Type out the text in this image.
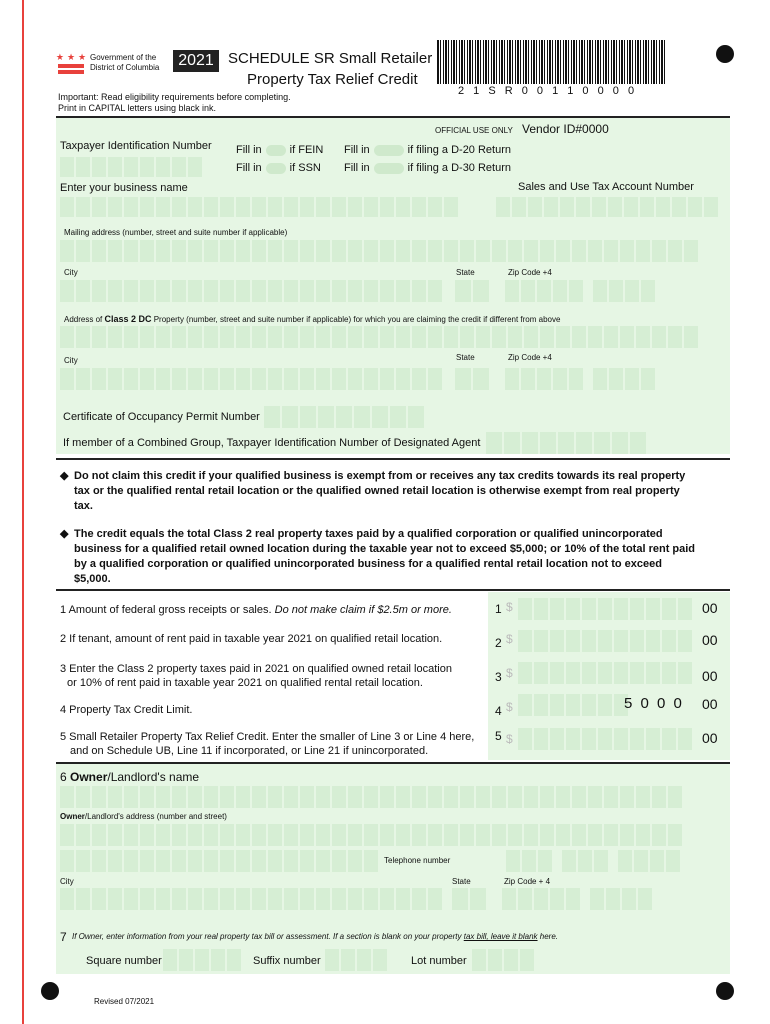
★ ★ ★ Government of the
District of Columbia	2021 SCHEDULE SR Small Retailer
Property Tax Relief Credit
2 1 S R 0 0 1 1 0 0 0 0
Important: Read eligibility requirements before completing.
Print in CAPITAL letters using black ink.
OFFICIAL USE ONLY Vendor ID#0000
Taxpayer Identification Number Fill in	if FEIN
Fill in	if SSN
Fill in	if filing a D-20 Return
Fill in	if filing a D-30 Return
Enter your business name	Sales and Use Tax Account Number
Mailing address (number, street and suite number if applicable)
City	State	Zip Code +4
Address of Class 2 DC Property (number, street and suite number if applicable) for which you are claiming the credit if different from above
City	State	Zip Code +4
Certificate of Occupancy Permit Number
If member of a Combined Group, Taxpayer Identification Number of Designated Agent
◆ Do not claim this credit if your qualified business is exempt from or receives any tax credits towards its real property tax or the qualified rental retail location or the qualified owned retail location is otherwise exempt from real property tax.
◆ The credit equals the total Class 2 real property taxes paid by a qualified corporation or qualified unincorporated business for a qualified retail owned location during the taxable year not to exceed $5,000; or 10% of the total rent paid by a qualified corporation or qualified unincorporated business for a qualified rental retail location not to exceed $5,000.
1 Amount of federal gross receipts or sales. Do not make claim if $2.5m or more.	1 $	00
2 If tenant, amount of rent paid in taxable year 2021 on qualified retail location.	2 $	00
3 Enter the Class 2 property taxes paid in 2021 on qualified owned retail location
or 10% of rent paid in taxable year 2021 on qualified rental retail location.	3 $	00
4 Property Tax Credit Limit.	4 $	5 0 0 0 00
5 Small Retailer Property Tax Relief Credit. Enter the smaller of Line 3 or Line 4 here,
and on Schedule UB, Line 11 if incorporated, or Line 21 if unincorporated.
5 $	00
6 Owner/Landlord's name
Owner/Landlord's address (number and street)
Telephone number
City	State	Zip Code + 4
7 If Owner, enter information from your real property tax bill or assessment. If a section is blank on your property tax bill, leave it blank here.
Square number	Suffix number	Lot number
Revised 07/2021
